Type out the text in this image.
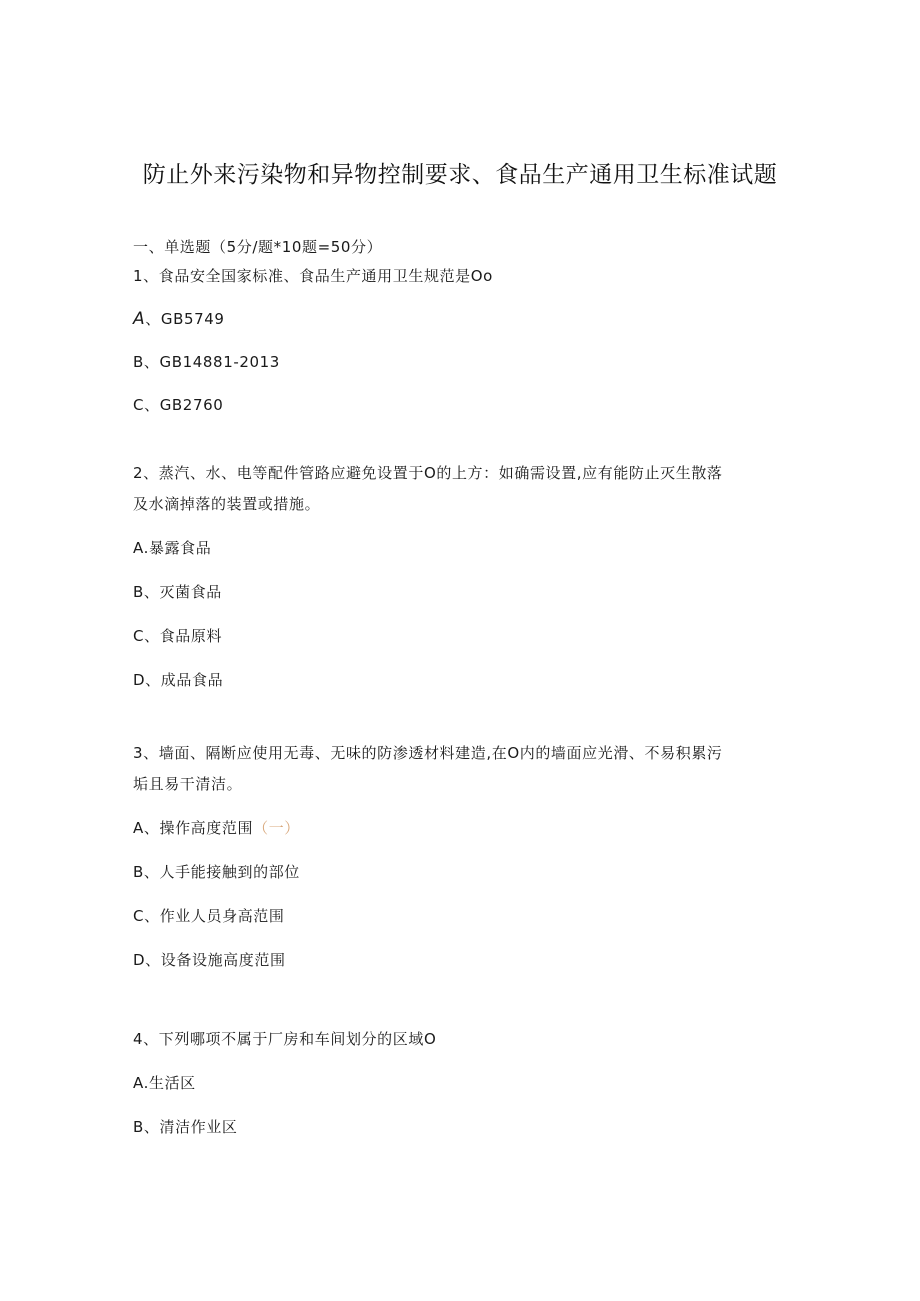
防止外来污染物和异物控制要求、食品生产通用卫生标准试题
一、单选题（5分/题*10题=50分）
1、食品安全国家标准、食品生产通用卫生规范是Oo
A、GB5749
B、GB14881-2013
C、GB2760
2、蒸汽、水、电等配件管路应避免设置于O的上方：如确需设置,应有能防止灭生散落
及水滴掉落的装置或措施。
A.暴露食品
B、灭菌食品
C、食品原料
D、成品食品
3、墙面、隔断应使用无毒、无味的防渗透材料建造,在O内的墙面应光滑、不易积累污
垢且易干清洁。
A、操作高度范围（一）
B、人手能接触到的部位
C、作业人员身高范围
D、设备设施高度范围
4、下列哪项不属于厂房和车间划分的区域O
A.生活区
B、清洁作业区
